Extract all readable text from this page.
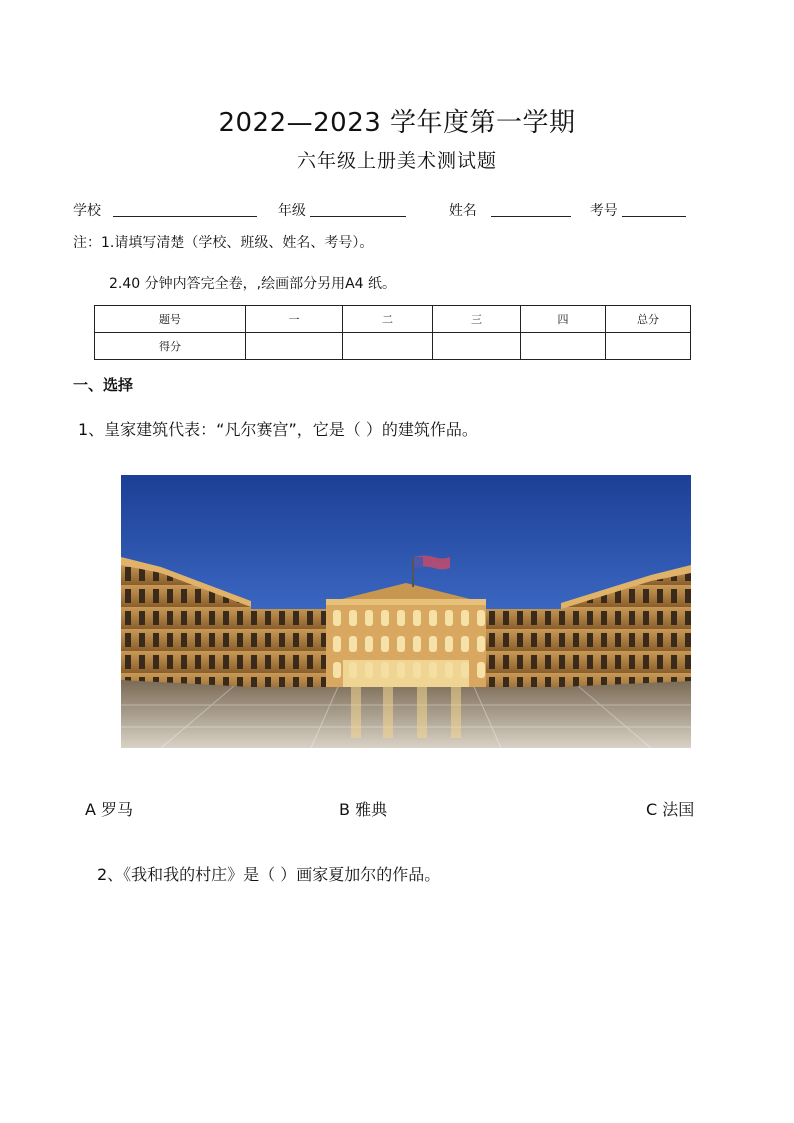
2022—2023 学年度第一学期
六年级上册美术测试题
学校	年级	姓名	考号
注：1.请填写清楚（学校、班级、姓名、考号）。
2.40 分钟内答完全卷，,绘画部分另用A4 纸。
题号	一	二	三	四	总分
得分					
一、选择
1、皇家建筑代表：“凡尔赛宫”，它是（ ）的建筑作品。
A 罗马	B 雅典	C 法国
2、《我和我的村庄》是（ ）画家夏加尔的作品。
